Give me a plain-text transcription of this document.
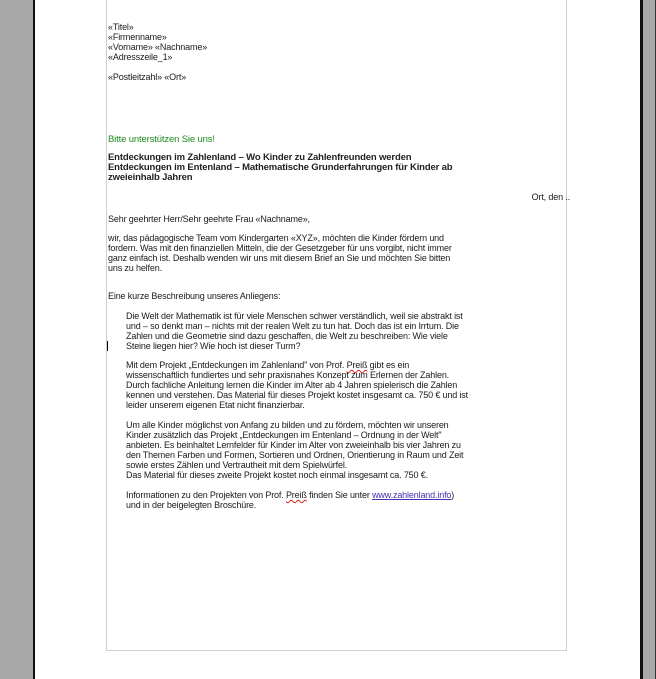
«Titel»

«Firmenname»

«Vorname» «Nachname»

«Adresszeile_1»

«Postleitzahl» «Ort»

Bitte unterstützen Sie uns!

Entdeckungen im Zahlenland – Wo Kinder zu Zahlenfreunden werden

Entdeckungen im Entenland – Mathematische Grunderfahrungen für Kinder ab

zweieinhalb Jahren

Ort, den ..

Sehr geehrter Herr/Sehr geehrte Frau «Nachname»,

wir, das pädagogische Team vom Kindergarten «XYZ», möchten die Kinder fördern und

fordern. Was mit den finanziellen Mitteln, die der Gesetzgeber für uns vorgibt, nicht immer

ganz einfach ist. Deshalb wenden wir uns mit diesem Brief an Sie und möchten Sie bitten

uns zu helfen.

Eine kurze Beschreibung unseres Anliegens:

Die Welt der Mathematik ist für viele Menschen schwer verständlich, weil sie abstrakt ist

und – so denkt man – nichts mit der realen Welt zu tun hat. Doch das ist ein Irrtum. Die

Zahlen und die Geometrie sind dazu geschaffen, die Welt zu beschreiben: Wie viele

Steine liegen hier? Wie hoch ist dieser Turm?

Mit dem Projekt „Entdeckungen im Zahlenland" von Prof. Preiß gibt es ein

wissenschaftlich fundiertes und sehr praxisnahes Konzept zum Erlernen der Zahlen.

Durch fachliche Anleitung lernen die Kinder im Alter ab 4 Jahren spielerisch die Zahlen

kennen und verstehen. Das Material für dieses Projekt kostet insgesamt ca. 750 € und ist

leider unserem eigenen Etat nicht finanzierbar.

Um alle Kinder möglichst von Anfang zu bilden und zu fördern, möchten wir unseren

Kinder zusätzlich das Projekt „Entdeckungen im Entenland – Ordnung in der Welt"

anbieten. Es beinhaltet Lernfelder für Kinder im Alter von zweieinhalb bis vier Jahren zu

den Themen Farben und Formen, Sortieren und Ordnen, Orientierung in Raum und Zeit

sowie erstes Zählen und Vertrautheit mit dem Spielwürfel.

Das Material für dieses zweite Projekt kostet noch einmal insgesamt ca. 750 €.

Informationen zu den Projekten von Prof. Preiß finden Sie unter www.zahlenland.info)

und in der beigelegten Broschüre.
